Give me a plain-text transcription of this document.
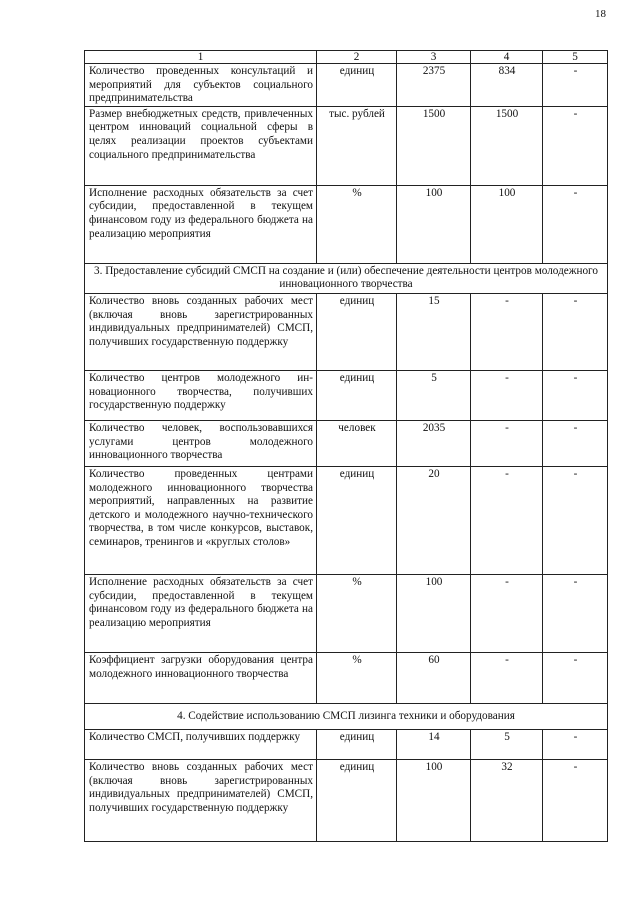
18
1	2	3	4	5
Количество проведенных консультаций и мероприятий для субъектов социального предпринимательства	единиц	2375	834	-
Размер внебюджетных средств, привлеченных центром инноваций социальной сферы в целях реализации проектов субъектами социального предпринимательства	тыс. рублей	1500	1500	-
Исполнение расходных обязательств за счет субсидии, предоставленной в текущем финансовом году из федерального бюджета на реализацию мероприятия	%	100	100	-
3. Предоставление субсидий СМСП на создание и (или) обеспечение деятельности центров молодежного инновационного творчества				
Количество вновь созданных рабочих мест (включая вновь зарегистрированных индивидуальных предпринимателей) СМСП, получивших государственную поддержку	единиц	15	-	-
Количество центров молодежного инновационного творчества, получивших государственную поддержку	единиц	5	-	-
Количество человек, воспользовавшихся услугами центров молодежного инновационного творчества	человек	2035	-	-
Количество проведенных центрами молодежного инновационного творчества мероприятий, направленных на развитие детского и молодежного научно-технического творчества, в том числе конкурсов, выставок, семинаров, тренингов и «круглых столов»	единиц	20	-	-
Исполнение расходных обязательств за счет субсидии, предоставленной в текущем финансовом году из федерального бюджета на реализацию мероприятия	%	100	-	-
Коэффициент загрузки оборудования центра молодежного инновационного творчества	%	60	-	-
4. Содействие использованию СМСП лизинга техники и оборудования				
Количество СМСП, получивших поддержку	единиц	14	5	-
Количество вновь созданных рабочих мест (включая вновь зарегистрированных индивидуальных предпринимателей) СМСП, получивших государственную поддержку	единиц	100	32	-
